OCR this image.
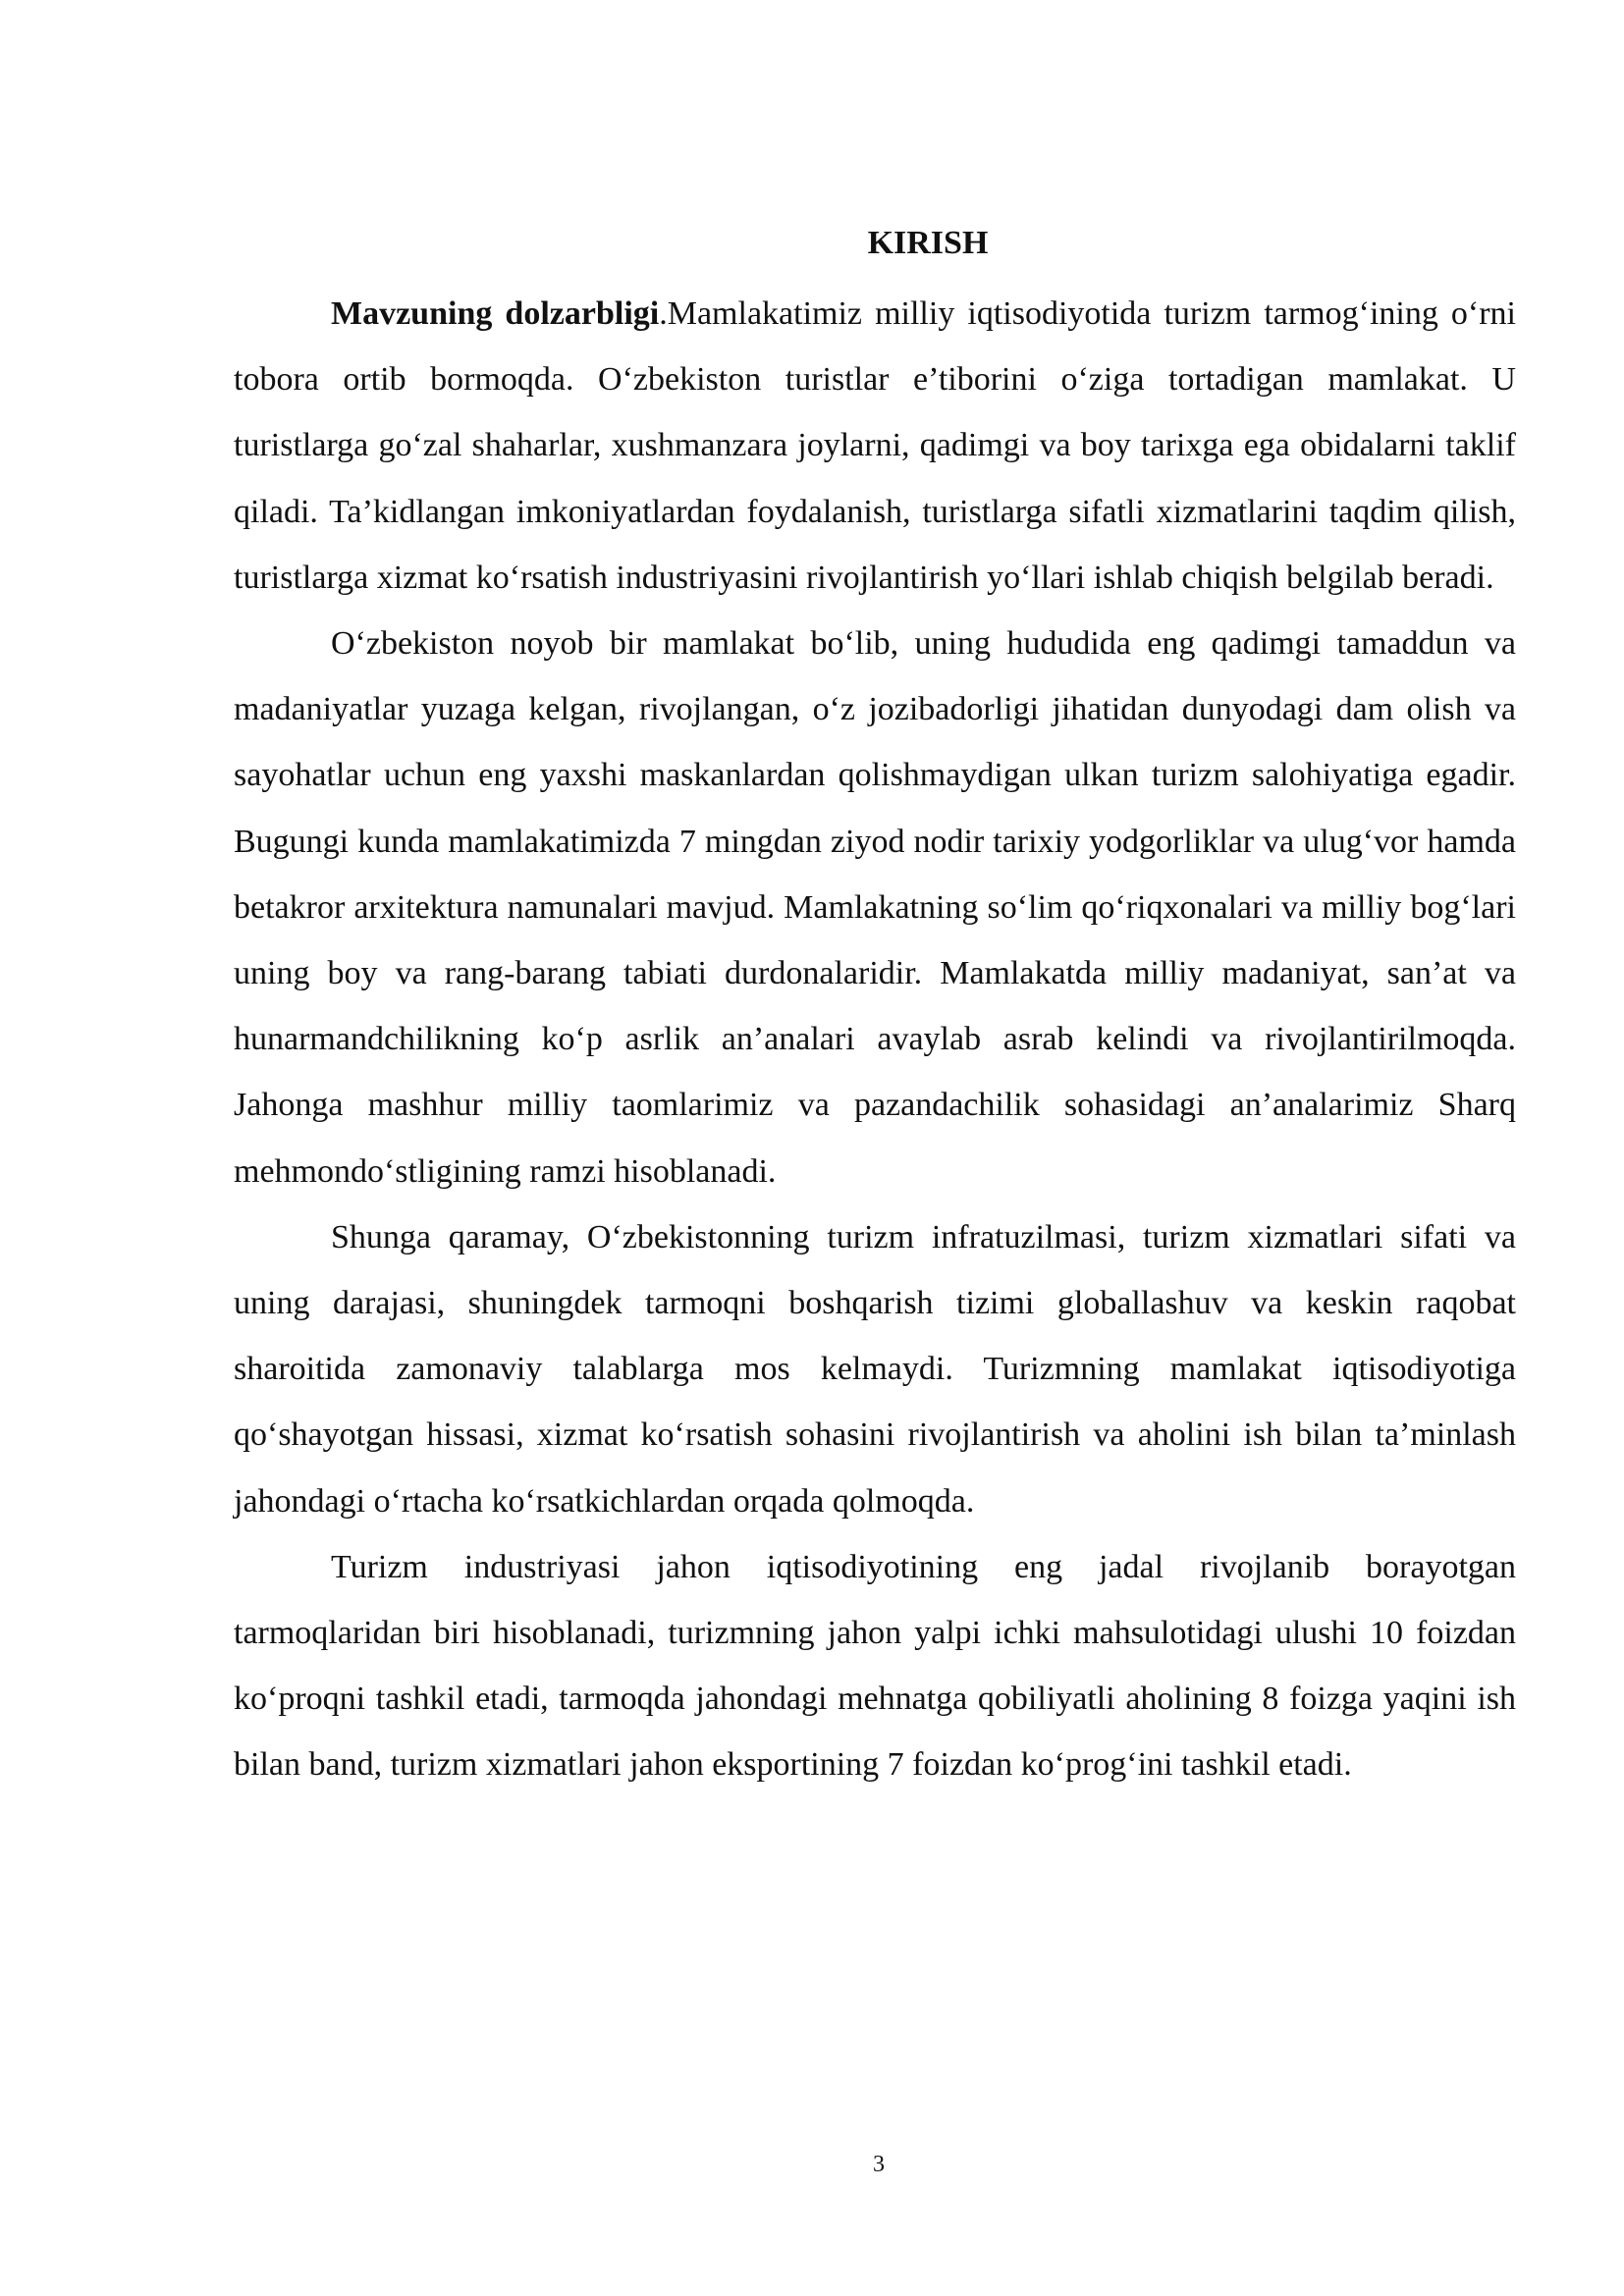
KIRISH

Mavzuning dolzarbligi.Mamlakatimiz milliy iqtisodiyotida turizm tarmog‘ining o‘rni tobora ortib bormoqda. O‘zbekiston turistlar e’tiborini o‘ziga tortadigan mamlakat. U turistlarga go‘zal shaharlar, xushmanzara joylarni, qadimgi va boy tarixga ega obidalarni taklif qiladi. Ta’kidlangan imkoniyatlardan foydalanish, turistlarga sifatli xizmatlarini taqdim qilish, turistlarga xizmat ko‘rsatish industriyasini rivojlantirish yo‘llari ishlab chiqish belgilab beradi.

O‘zbekiston noyob bir mamlakat bo‘lib, uning hududida eng qadimgi tamaddun va madaniyatlar yuzaga kelgan, rivojlangan, o‘z jozibadorligi jihatidan dunyodagi dam olish va sayohatlar uchun eng yaxshi maskanlardan qolishmaydigan ulkan turizm salohiyatiga egadir. Bugungi kunda mamlakatimizda 7 mingdan ziyod nodir tarixiy yodgorliklar va ulug‘vor hamda betakror arxitektura namunalari mavjud. Mamlakatning so‘lim qo‘riqxonalari va milliy bog‘lari uning boy va rang-barang tabiati durdonalaridir. Mamlakatda milliy madaniyat, san’at va hunarmandchilikning ko‘p asrlik an’analari avaylab asrab kelindi va rivojlantirilmoqda. Jahonga mashhur milliy taomlarimiz va pazandachilik sohasidagi an’analarimiz Sharq mehmondo‘stligining ramzi hisoblanadi.

Shunga qaramay, O‘zbekistonning turizm infratuzilmasi, turizm xizmatlari sifati va uning darajasi, shuningdek tarmoqni boshqarish tizimi globallashuv va keskin raqobat sharoitida zamonaviy talablarga mos kelmaydi. Turizmning mamlakat iqtisodiyotiga qo‘shayotgan hissasi, xizmat ko‘rsatish sohasini rivojlantirish va aholini ish bilan ta’minlash jahondagi o‘rtacha ko‘rsatkichlardan orqada qolmoqda.

Turizm industriyasi jahon iqtisodiyotining eng jadal rivojlanib borayotgan tarmoqlaridan biri hisoblanadi, turizmning jahon yalpi ichki mahsulotidagi ulushi 10 foizdan ko‘proqni tashkil etadi, tarmoqda jahondagi mehnatga qobiliyatli aholining 8 foizga yaqini ish bilan band, turizm xizmatlari jahon eksportining 7 foizdan ko‘prog‘ini tashkil etadi.

3
